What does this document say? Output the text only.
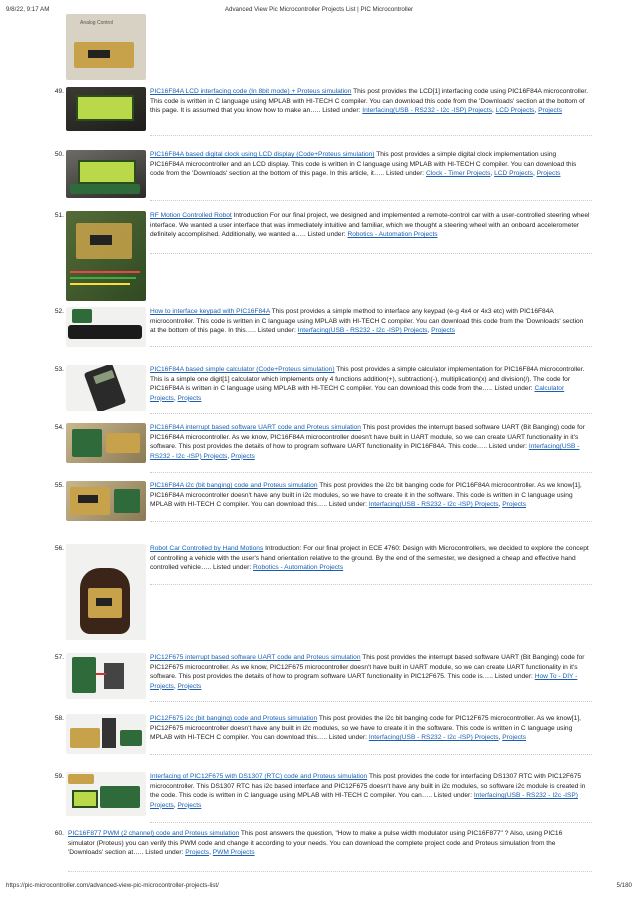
9/8/22, 9:17 AM	Advanced View Pic Microcontroller Projects List | PIC Microcontroller
Analog Control
49.	PIC16F84A LCD interfacing code (In 8bit mode) + Proteus simulation This post provides the LCD[1] interfacing code using PIC16F84A microcontroller. This code is written in C language using MPLAB with HI-TECH C compiler. You can download this code from the 'Downloads' section at the bottom of this page. It is assumed that you know how to make an….. Listed under: Interfacing(USB - RS232 - I2c -ISP) Projects, LCD Projects, Projects
50.	PIC16F84A based digital clock using LCD display (Code+Proteus simulation) This post provides a simple digital clock implementation using PIC16F84A microcontroller and an LCD display. This code is written in C language using MPLAB with HI-TECH C compiler. You can download this code from the 'Downloads' section at the bottom of this page. In this article, it….. Listed under: Clock - Timer Projects, LCD Projects, Projects
51.	RF Motion Controlled Robot Introduction For our final project, we designed and implemented a remote-control car with a user-controlled steering wheel interface. We wanted a user interface that was immediately intuitive and familiar, which we thought a steering wheel with an onboard accelerometer definitely accomplished. Additionally, we wanted a….. Listed under: Robotics - Automation Projects
52.	How to interface keypad with PIC16F84A This post provides a simple method to interface any keypad (e-g 4x4 or 4x3 etc) with PIC16F84A microcontroller. This code is written in C language using MPLAB with HI-TECH C compiler. You can download this code from the 'Downloads' section at the bottom of this page. In this….. Listed under: Interfacing(USB - RS232 - I2c -ISP) Projects, Projects
53.	PIC16F84A based simple calculator (Code+Proteus simulation) This post provides a simple calculator implementation for PIC16F84A microcontroller. This is a simple one digit[1] calculator which implements only 4 functions addition(+), subtraction(-), multiplication(x) and division(/). The code for PIC16F84A is written in C language using MPLAB with HI-TECH C compiler. You can download this code from the….. Listed under: Calculator Projects, Projects
54.	PIC16F84A interrupt based software UART code and Proteus simulation This post provides the interrupt based software UART (Bit Banging) code for PIC16F84A microcontroller. As we know, PIC16F84A microcontroller doesn't have built in UART module, so we can create UART functionality in it's software. This post provides the details of how to program software UART functionality in PIC16F84A. This code….. Listed under: Interfacing(USB - RS232 - I2c -ISP) Projects, Projects
55.	PIC16F84A i2c (bit banging) code and Proteus simulation This post provides the i2c bit banging code for PIC16F84A microcontroller. As we know[1], PIC16F84A microcontroller doesn't have any built in i2c modules, so we have to create it in the software. This code is written in C language using MPLAB with HI-TECH C compiler. You can download this….. Listed under: Interfacing(USB - RS232 - I2c -ISP) Projects, Projects
56.	Robot Car Controlled by Hand Motions Introduction: For our final project in ECE 4760: Design with Microcontrollers, we decided to explore the concept of controlling a vehicle with the user's hand orientation relative to the ground. By the end of the semester, we designed a cheap and effective hand controlled vehicle….. Listed under: Robotics - Automation Projects
57.	PIC12F675 interrupt based software UART code and Proteus simulation This post provides the interrupt based software UART (Bit Banging) code for PIC12F675 microcontroller. As we know, PIC12F675 microcontroller doesn't have built in UART module, so we can create UART functionality in it's software. This post provides the details of how to program software UART functionality in PIC12F675. This code is….. Listed under: How To - DIY - Projects, Projects
58.	PIC12F675 i2c (bit banging) code and Proteus simulation This post provides the i2c bit banging code for PIC12F675 microcontroller. As we know[1], PIC12F675 microcontroller doesn't have any built in i2c modules, so we have to create it in the software. This code is written in C language using MPLAB with HI-TECH C compiler. You can download this….. Listed under: Interfacing(USB - RS232 - I2c -ISP) Projects, Projects
59.	Interfacing of PIC12F675 with DS1307 (RTC) code and Proteus simulation This post provides the code for interfacing DS1307 RTC with PIC12F675 microcontroller. This DS1307 RTC has i2c based interface and PIC12F675 doesn't have any built in i2c modules, so software i2c module is created in the code. This code is written in C language using MPLAB with HI-TECH C compiler. You can….. Listed under: Interfacing(USB - RS232 - I2c -ISP) Projects, Projects
60. PIC16F877 PWM (2 channel) code and Proteus simulation This post answers the question, "How to make a pulse width modulator using PIC16F877" ? Also, using PIC16 simulator (Proteus) you can verify this PWM code and change it according to your needs. You can download the complete project code and Proteus simulation from the 'Downloads' section at….. Listed under: Projects, PWM Projects
https://pic-microcontroller.com/advanced-view-pic-microcontroller-projects-list/	5/180
